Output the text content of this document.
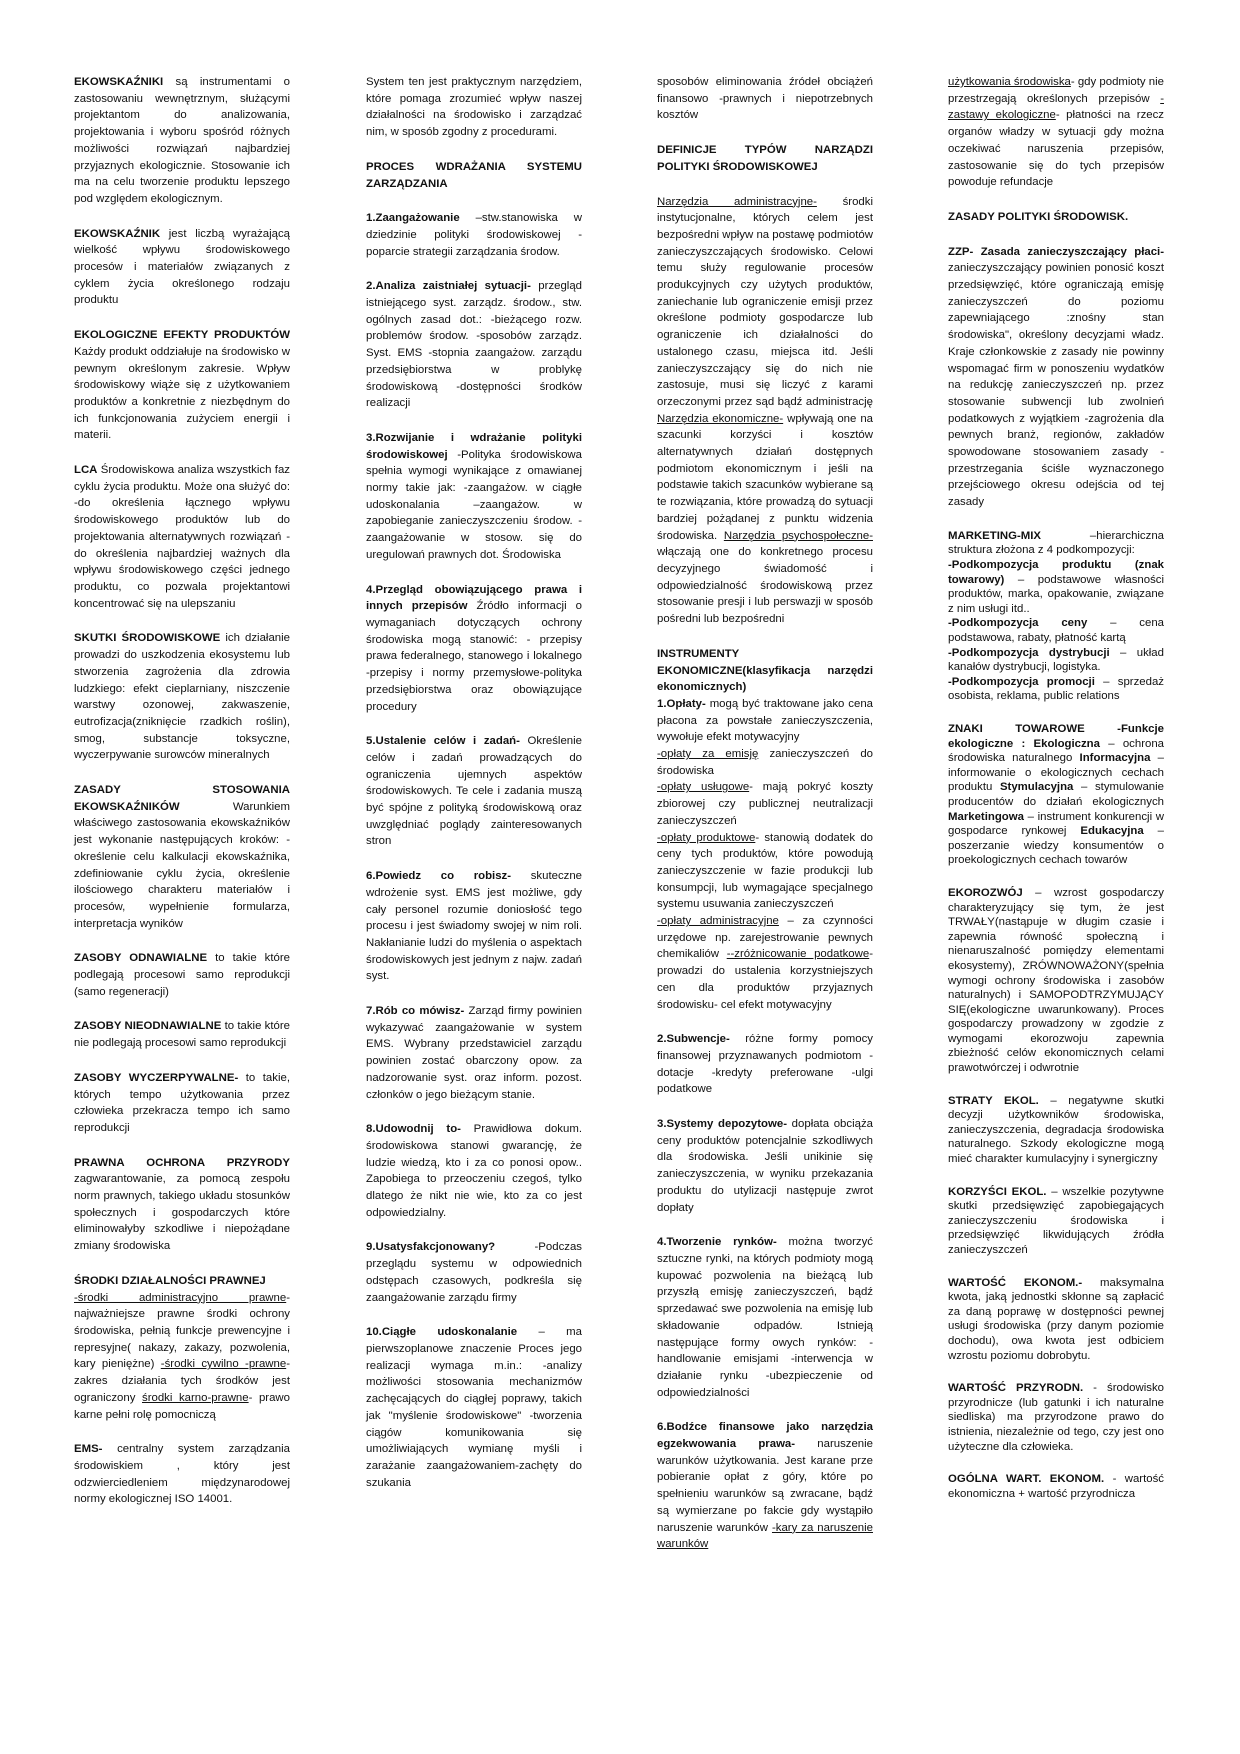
EKOWSKAŹNIKI są instrumentami o zastosowaniu wewnętrznym, służącymi projektantom do analizowania, projektowania i wyboru spośród różnych możliwości rozwiązań najbardziej przyjaznych ekologicznie. Stosowanie ich ma na celu tworzenie produktu lepszego pod względem ekologicznym.

EKOWSKAŹNIK jest liczbą wyrażającą wielkość wpływu środowiskowego procesów i materiałów związanych z cyklem życia określonego rodzaju produktu

EKOLOGICZNE EFEKTY PRODUKTÓW Każdy produkt oddziałuje na środowisko w pewnym określonym zakresie. Wpływ środowiskowy wiąże się z użytkowaniem produktów a konkretnie z niezbędnym do ich funkcjonowania zużyciem energii i materii.

LCA Środowiskowa analiza wszystkich faz cyklu życia produktu. Może ona służyć do: -do określenia łącznego wpływu środowiskowego produktów lub do projektowania alternatywnych rozwiązań - do określenia najbardziej ważnych dla wpływu środowiskowego części jednego produktu, co pozwala projektantowi koncentrować się na ulepszaniu

SKUTKI ŚRODOWISKOWE ich działanie prowadzi do uszkodzenia ekosystemu lub stworzenia zagrożenia dla zdrowia ludzkiego: efekt cieplarniany, niszczenie warstwy ozonowej, zakwaszenie, eutrofizacja(zniknięcie rzadkich roślin), smog, substancje toksyczne, wyczerpywanie surowców mineralnych

ZASADY STOSOWANIA EKOWSKAŹNIKÓW Warunkiem właściwego zastosowania ekowskaźników jest wykonanie następujących kroków: -określenie celu kalkulacji ekowskaźnika, zdefiniowanie cyklu życia, określenie ilościowego charakteru materiałów i procesów, wypełnienie formularza, interpretacja wyników

ZASOBY ODNAWIALNE to takie które podlegają procesowi samo reprodukcji (samo regeneracji)

ZASOBY NIEODNAWIALNE to takie które nie podlegają procesowi samo reprodukcji

ZASOBY WYCZERPYWALNE- to takie, których tempo użytkowania przez człowieka przekracza tempo ich samo reprodukcji

PRAWNA OCHRONA PRZYRODY zagwarantowanie, za pomocą zespołu norm prawnych, takiego układu stosunków społecznych i gospodarczych które eliminowałyby szkodliwe i niepożądane zmiany środowiska

ŚRODKI DZIAŁALNOŚCI PRAWNEJ
-środki administracyjno prawne- najważniejsze prawne środki ochrony środowiska, pełnią funkcje prewencyjne i represyjne( nakazy, zakazy, pozwolenia, kary pieniężne) -środki cywilno -prawne- zakres działania tych środków jest ograniczony środki karno-prawne- prawo karne pełni rolę pomocniczą

EMS- centralny system zarządzania środowiskiem , który jest odzwierciedleniem międzynarodowej normy ekologicznej ISO 14001.

System ten jest praktycznym narzędziem, które pomaga zrozumieć wpływ naszej działalności na środowisko i zarządzać nim, w sposób zgodny z procedurami.

PROCES WDRAŻANIA SYSTEMU ZARZĄDZANIA

1.Zaangażowanie –stw.stanowiska w dziedzinie polityki środowiskowej -poparcie strategii zarządzania środow.

2.Analiza zaistniałej sytuacji- przegląd istniejącego syst. zarządz. środow., stw. ogólnych zasad dot.: -bieżącego rozw. problemów środow. -sposobów zarządz. Syst. EMS -stopnia zaangażow. zarządu przedsiębiorstwa w problykę środowiskową -dostępności środków realizacji

3.Rozwijanie i wdrażanie polityki środowiskowej -Polityka środowiskowa spełnia wymogi wynikające z omawianej normy takie jak: -zaangażow. w ciągłe udoskonalania –zaangażow. w zapobieganie zanieczyszczeniu środow. -zaangażowanie w stosow. się do uregulowań prawnych dot. Środowiska

4.Przegląd obowiązującego prawa i innych przepisów Źródło informacji o wymaganiach dotyczących ochrony środowiska mogą stanowić: - przepisy prawa federalnego, stanowego i lokalnego -przepisy i normy przemysłowe-polityka przedsiębiorstwa oraz obowiązujące procedury

5.Ustalenie celów i zadań- Określenie celów i zadań prowadzących do ograniczenia ujemnych aspektów środowiskowych. Te cele i zadania muszą być spójne z polityką środowiskową oraz uwzględniać poglądy zainteresowanych stron

6.Powiedz co robisz- skuteczne wdrożenie syst. EMS jest możliwe, gdy cały personel rozumie doniosłość tego procesu i jest świadomy swojej w nim roli. Nakłanianie ludzi do myślenia o aspektach środowiskowych jest jednym z najw. zadań syst.

7.Rób co mówisz- Zarząd firmy powinien wykazywać zaangażowanie w system EMS. Wybrany przedstawiciel zarządu powinien zostać obarczony opow. za nadzorowanie syst. oraz inform. pozost. członków o jego bieżącym stanie.

8.Udowodnij to- Prawidłowa dokum. środowiskowa stanowi gwarancję, że ludzie wiedzą, kto i za co ponosi opow.. Zapobiega to przeoczeniu czegoś, tylko dlatego że nikt nie wie, kto za co jest odpowiedzialny.

9.Usatysfakcjonowany? -Podczas przeglądu systemu w odpowiednich odstępach czasowych, podkreśla się zaangażowanie zarządu firmy

10.Ciągłe udoskonalanie – ma pierwszoplanowe znaczenie Proces jego realizacji wymaga m.in.: -analizy możliwości stosowania mechanizmów zachęcających do ciągłej poprawy, takich jak "myślenie środowiskowe" -tworzenia ciągów komunikowania się umożliwiających wymianę myśli i zarażanie zaangażowaniem-zachęty do szukania

sposobów eliminowania źródeł obciążeń finansowo -prawnych i niepotrzebnych kosztów

DEFINICJE TYPÓW NARZĄDZI POLITYKI ŚRODOWISKOWEJ

Narzędzia administracyjne- środki instytucjonalne, których celem jest bezpośredni wpływ na postawę podmiotów zanieczyszczających środowisko. Celowi temu służy regulowanie procesów produkcyjnych czy użytych produktów, zaniechanie lub ograniczenie emisji przez określone podmioty gospodarcze lub ograniczenie ich działalności do ustalonego czasu, miejsca itd. Jeśli zanieczyszczający się do nich nie zastosuje, musi się liczyć z karami orzeczonymi przez sąd bądź administrację Narzędzia ekonomiczne- wpływają one na szacunki korzyści i kosztów alternatywnych działań dostępnych podmiotom ekonomicznym i jeśli na podstawie takich szacunków wybierane są te rozwiązania, które prowadzą do sytuacji bardziej pożądanej z punktu widzenia środowiska. Narzędzia psychospołeczne- włączają one do konkretnego procesu decyzyjnego świadomość i odpowiedzialność środowiskową przez stosowanie presji i lub perswazji w sposób pośredni lub bezpośredni

INSTRUMENTY EKONOMICZNE(klasyfikacja narzędzi ekonomicznych)
1.Opłaty- mogą być traktowane jako cena płacona za powstałe zanieczyszczenia, wywołuje efekt motywacyjny
-opłaty za emisję zanieczyszczeń do środowiska
-opłaty usługowe- mają pokryć koszty zbiorowej czy publicznej neutralizacji zanieczyszczeń
-opłaty produktowe- stanowią dodatek do ceny tych produktów, które powodują zanieczyszczenie w fazie produkcji lub konsumpcji, lub wymagające specjalnego systemu usuwania zanieczyszczeń
-opłaty administracyjne – za czynności urzędowe np. zarejestrowanie pewnych chemikaliów --zróżnicowanie podatkowe- prowadzi do ustalenia korzystniejszych cen dla produktów przyjaznych środowisku- cel efekt motywacyjny

2.Subwencje- różne formy pomocy finansowej przyznawanych podmiotom -dotacje -kredyty preferowane -ulgi podatkowe

3.Systemy depozytowe- dopłata obciąża ceny produktów potencjalnie szkodliwych dla środowiska. Jeśli unikinie się zanieczyszczenia, w wyniku przekazania produktu do utylizacji następuje zwrot dopłaty

4.Tworzenie rynków- można tworzyć sztuczne rynki, na których podmioty mogą kupować pozwolenia na bieżącą lub przyszłą emisję zanieczyszczeń, bądź sprzedawać swe pozwolenia na emisję lub składowanie odpadów. Istnieją następujące formy owych rynków: -handlowanie emisjami -interwencja w działanie rynku -ubezpieczenie od odpowiedzialności

6.Bodźce finansowe jako narzędzia egzekwowania prawa- naruszenie warunków użytkowania. Jest karane prze pobieranie opłat z góry, które po spełnieniu warunków są zwracane, bądź są wymierzane po fakcie gdy wystąpiło naruszenie warunków -kary za naruszenie warunków

użytkowania środowiska- gdy podmioty nie przestrzegają określonych przepisów -zastawy ekologiczne- płatności na rzecz organów władzy w sytuacji gdy można oczekiwać naruszenia przepisów, zastosowanie się do tych przepisów powoduje refundacje

ZASADY POLITYKI ŚRODOWISK.

ZZP- Zasada zanieczyszczający płaci- zanieczyszczający powinien ponosić koszt przedsięwzięć, które ograniczają emisję zanieczyszczeń do poziomu zapewniającego :znośny stan środowiska", określony decyzjami władz. Kraje członkowskie z zasady nie powinny wspomagać firm w ponoszeniu wydatków na redukcję zanieczyszczeń np. przez stosowanie subwencji lub zwolnień podatkowych z wyjątkiem -zagrożenia dla pewnych branż, regionów, zakładów spowodowane stosowaniem zasady -przestrzegania ściśle wyznaczonego przejściowego okresu odejścia od tej zasady

MARKETING-MIX –hierarchiczna struktura złożona z 4 podkompozycji:
-Podkompozycja produktu (znak towarowy) – podstawowe własności produktów, marka, opakowanie, związane z nim usługi itd..
-Podkompozycja ceny – cena podstawowa, rabaty, płatność kartą
-Podkompozycja dystrybucji – układ kanałów dystrybucji, logistyka.
-Podkompozycja promocji – sprzedaż osobista, reklama, public relations

ZNAKI TOWAROWE -Funkcje ekologiczne : Ekologiczna – ochrona środowiska naturalnego Informacyjna – informowanie o ekologicznych cechach produktu Stymulacyjna – stymulowanie producentów do działań ekologicznych Marketingowa – instrument konkurencji w gospodarce rynkowej Edukacyjna – poszerzanie wiedzy konsumentów o proekologicznych cechach towarów

EKOROZWÓJ – wzrost gospodarczy charakteryzujący się tym, że jest TRWAŁY(nastąpuje w długim czasie i zapewnia równość społeczną i nienaruszalność pomiędzy elementami ekosystemy), ZRÓWNOWAŻONY(spełnia wymogi ochrony środowiska i zasobów naturalnych) i SAMOPODTRZYMUJĄCY SIĘ(ekologiczne uwarunkowany). Proces gospodarczy prowadzony w zgodzie z wymogami ekorozwoju zapewnia zbieżność celów ekonomicznych celami prawotwórczej i odwrotnie

STRATY EKOL. – negatywne skutki decyzji użytkowników środowiska, zanieczyszczenia, degradacja środowiska naturalnego. Szkody ekologiczne mogą mieć charakter kumulacyjny i synergiczny

KORZYŚCI EKOL. – wszelkie pozytywne skutki przedsięwzięć zapobiegających zanieczyszczeniu środowiska i przedsięwzięć likwidujących źródła zanieczyszczeń

WARTOŚĆ EKONOM.- maksymalna kwota, jaką jednostki skłonne są zapłacić za daną poprawę w dostępności pewnej usługi środowiska (przy danym poziomie dochodu), owa kwota jest odbiciem wzrostu poziomu dobrobytu.

WARTOŚĆ PRZYRODN. - środowisko przyrodnicze (lub gatunki i ich naturalne siedliska) ma przyrodzone prawo do istnienia, niezależnie od tego, czy jest ono użyteczne dla człowieka.

OGÓLNA WART. EKONOM. - wartość ekonomiczna + wartość przyrodnicza
